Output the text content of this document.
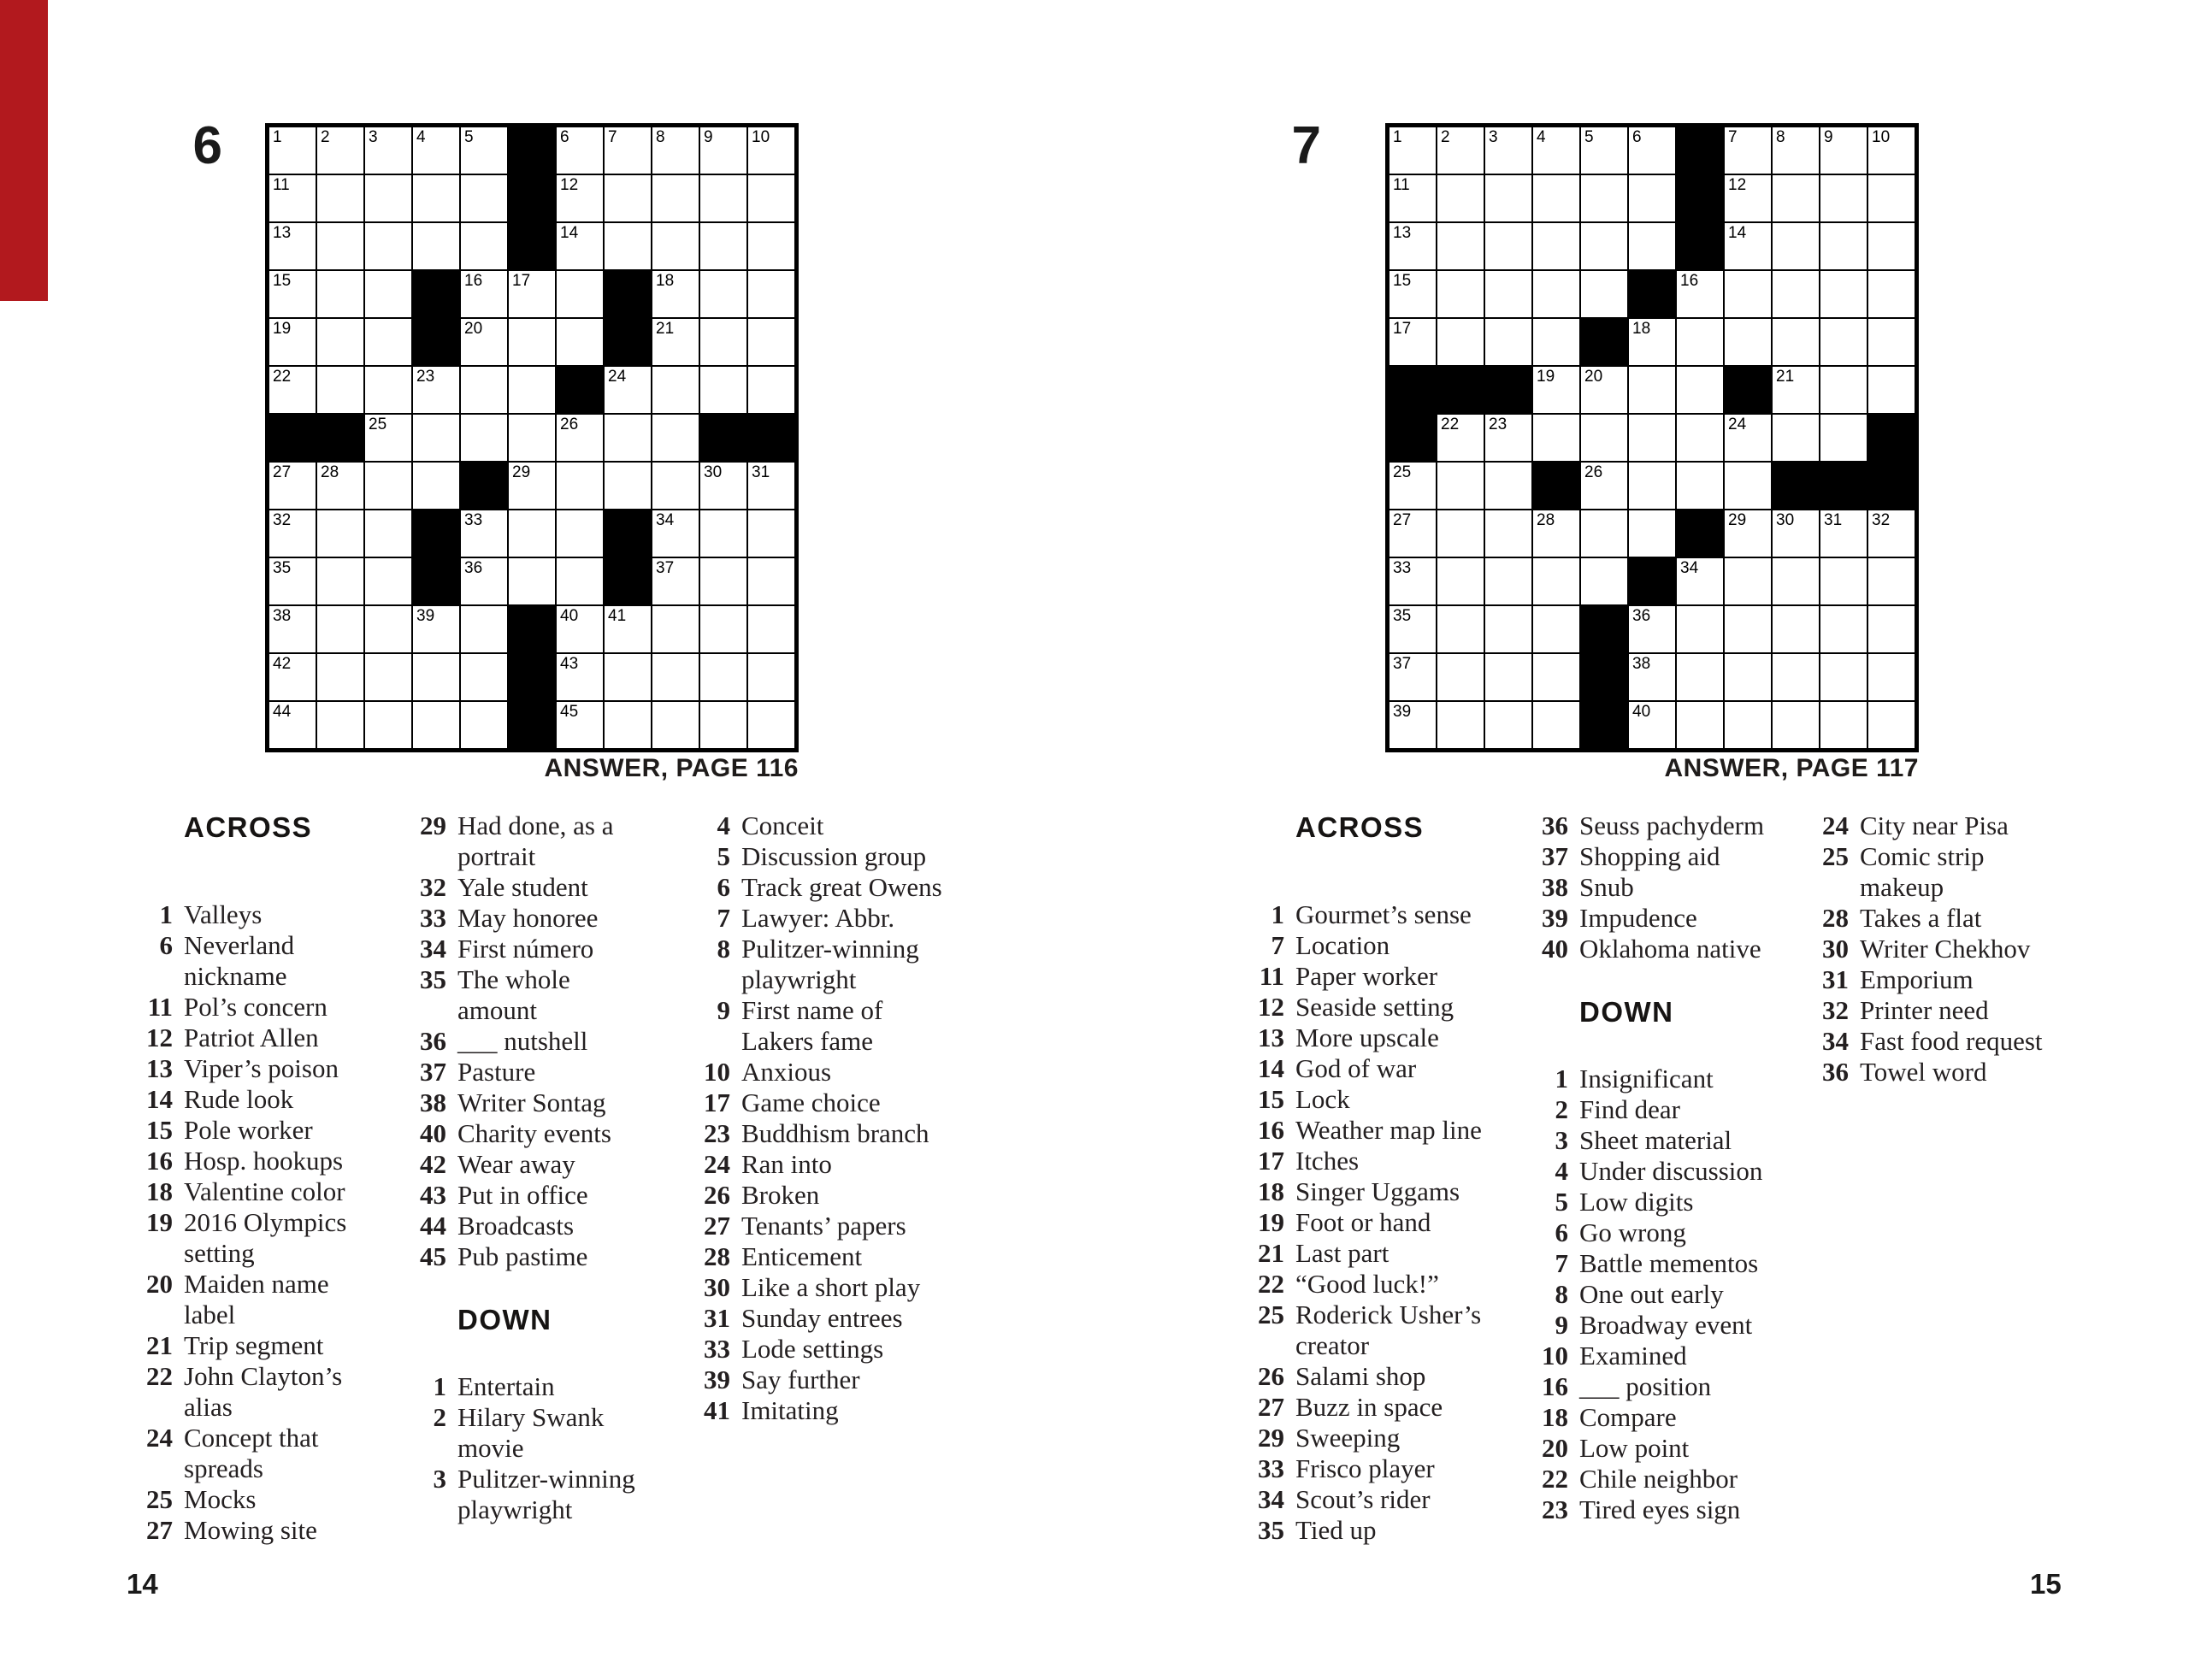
6	1 2 3 4 5	6 7 8 9 10
11	12
13	14
15	16 17	18
19	20	21
22	23	24
25	26
27 28	29	30 31
32	33	34
35	36	37
38	39	40 41
42	43
44	45
ANSWER, PAGE 116
ACROSS
1 Valleys
6 Neverland
nickname
11 Pol’s concern
12 Patriot Allen
13 Viper’s poison
14 Rude look
15 Pole worker
16 Hosp. hookups
18 Valentine color
19 2016 Olympics
setting
20 Maiden name
label
21 Trip segment
22 John Clayton’s
alias
24 Concept that
spreads
25 Mocks
27 Mowing site
29 Had done, as a
portrait
32 Yale student
33 May honoree
34 First número
35 The whole
amount
36 ___ nutshell
37 Pasture
38 Writer Sontag
40 Charity events
42 Wear away
43 Put in office
44 Broadcasts
45 Pub pastime
DOWN
1 Entertain
2 Hilary Swank
movie
3 Pulitzer-winning
playwright
4 Conceit
5 Discussion group
6 Track great Owens
7 Lawyer: Abbr.
8 Pulitzer-winning
playwright
9 First name of
Lakers fame
10 Anxious
17 Game choice
23 Buddhism branch
24 Ran into
26 Broken
27 Tenants’ papers
28 Enticement
30 Like a short play
31 Sunday entrees
33 Lode settings
39 Say further
41 Imitating
14
7	1 2 3 4 5 6	7 8 9 10
11	12
13	14
15	16
17	18
19 20	21
22 23	24
25	26
27	28	29 30 31 32
33	34
35	36
37	38
39	40
ANSWER, PAGE 117
ACROSS
1 Gourmet’s sense
7 Location
11 Paper worker
12 Seaside setting
13 More upscale
14 God of war
15 Lock
16 Weather map line
17 Itches
18 Singer Uggams
19 Foot or hand
21 Last part
22 “Good luck!”
25 Roderick Usher’s
creator
26 Salami shop
27 Buzz in space
29 Sweeping
33 Frisco player
34 Scout’s rider
35 Tied up
36 Seuss pachyderm
37 Shopping aid
38 Snub
39 Impudence
40 Oklahoma native
DOWN
1 Insignificant
2 Find dear
3 Sheet material
4 Under discussion
5 Low digits
6 Go wrong
7 Battle mementos
8 One out early
9 Broadway event
10 Examined
16 ___ position
18 Compare
20 Low point
22 Chile neighbor
23 Tired eyes sign
24 City near Pisa
25 Comic strip
makeup
28 Takes a flat
30 Writer Chekhov
31 Emporium
32 Printer need
34 Fast food request
36 Towel word
15
